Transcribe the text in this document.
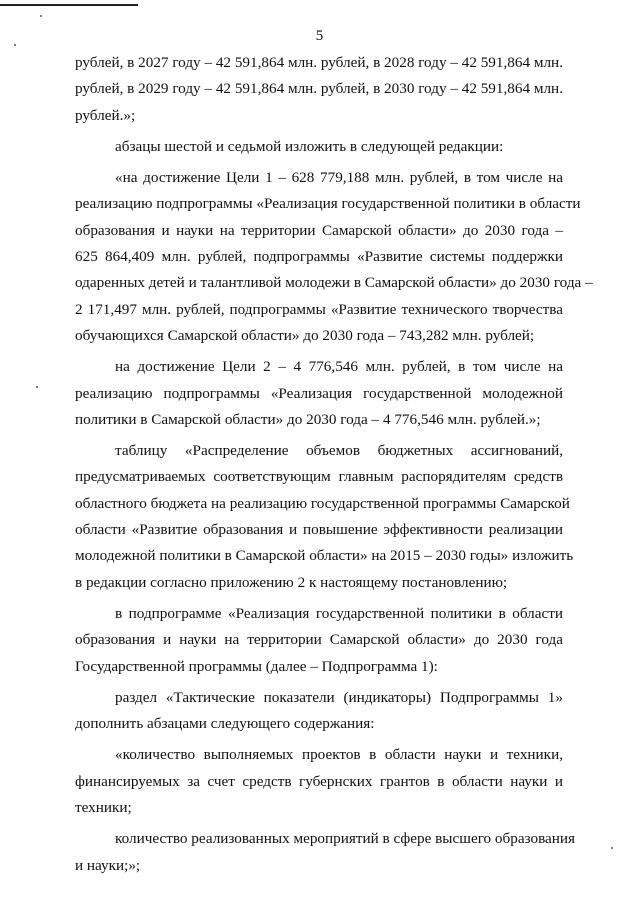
5
рублей, в 2027 году – 42 591,864 млн. рублей, в 2028 году – 42 591,864 млн.
рублей, в 2029 году – 42 591,864 млн. рублей, в 2030 году – 42 591,864 млн.
рублей.»;
абзацы шестой и седьмой изложить в следующей редакции:
«на достижение Цели 1 – 628 779,188 млн. рублей, в том числе на
реализацию подпрограммы «Реализация государственной политики в области
образования и науки на территории Самарской области» до 2030 года –
625 864,409 млн. рублей, подпрограммы «Развитие системы поддержки
одаренных детей и талантливой молодежи в Самарской области» до 2030 года –
2 171,497 млн. рублей, подпрограммы «Развитие технического творчества
обучающихся Самарской области» до 2030 года – 743,282 млн. рублей;
на достижение Цели 2 – 4 776,546 млн. рублей, в том числе на
реализацию подпрограммы «Реализация государственной молодежной
политики в Самарской области» до 2030 года – 4 776,546 млн. рублей.»;
таблицу «Распределение объемов бюджетных ассигнований,
предусматриваемых соответствующим главным распорядителям средств
областного бюджета на реализацию государственной программы Самарской
области «Развитие образования и повышение эффективности реализации
молодежной политики в Самарской области» на 2015 – 2030 годы» изложить
в редакции согласно приложению 2 к настоящему постановлению;
в подпрограмме «Реализация государственной политики в области
образования и науки на территории Самарской области» до 2030 года
Государственной программы (далее – Подпрограмма 1):
раздел «Тактические показатели (индикаторы) Подпрограммы 1»
дополнить абзацами следующего содержания:
«количество выполняемых проектов в области науки и техники,
финансируемых за счет средств губернских грантов в области науки и
техники;
количество реализованных мероприятий в сфере высшего образования
и науки;»;
